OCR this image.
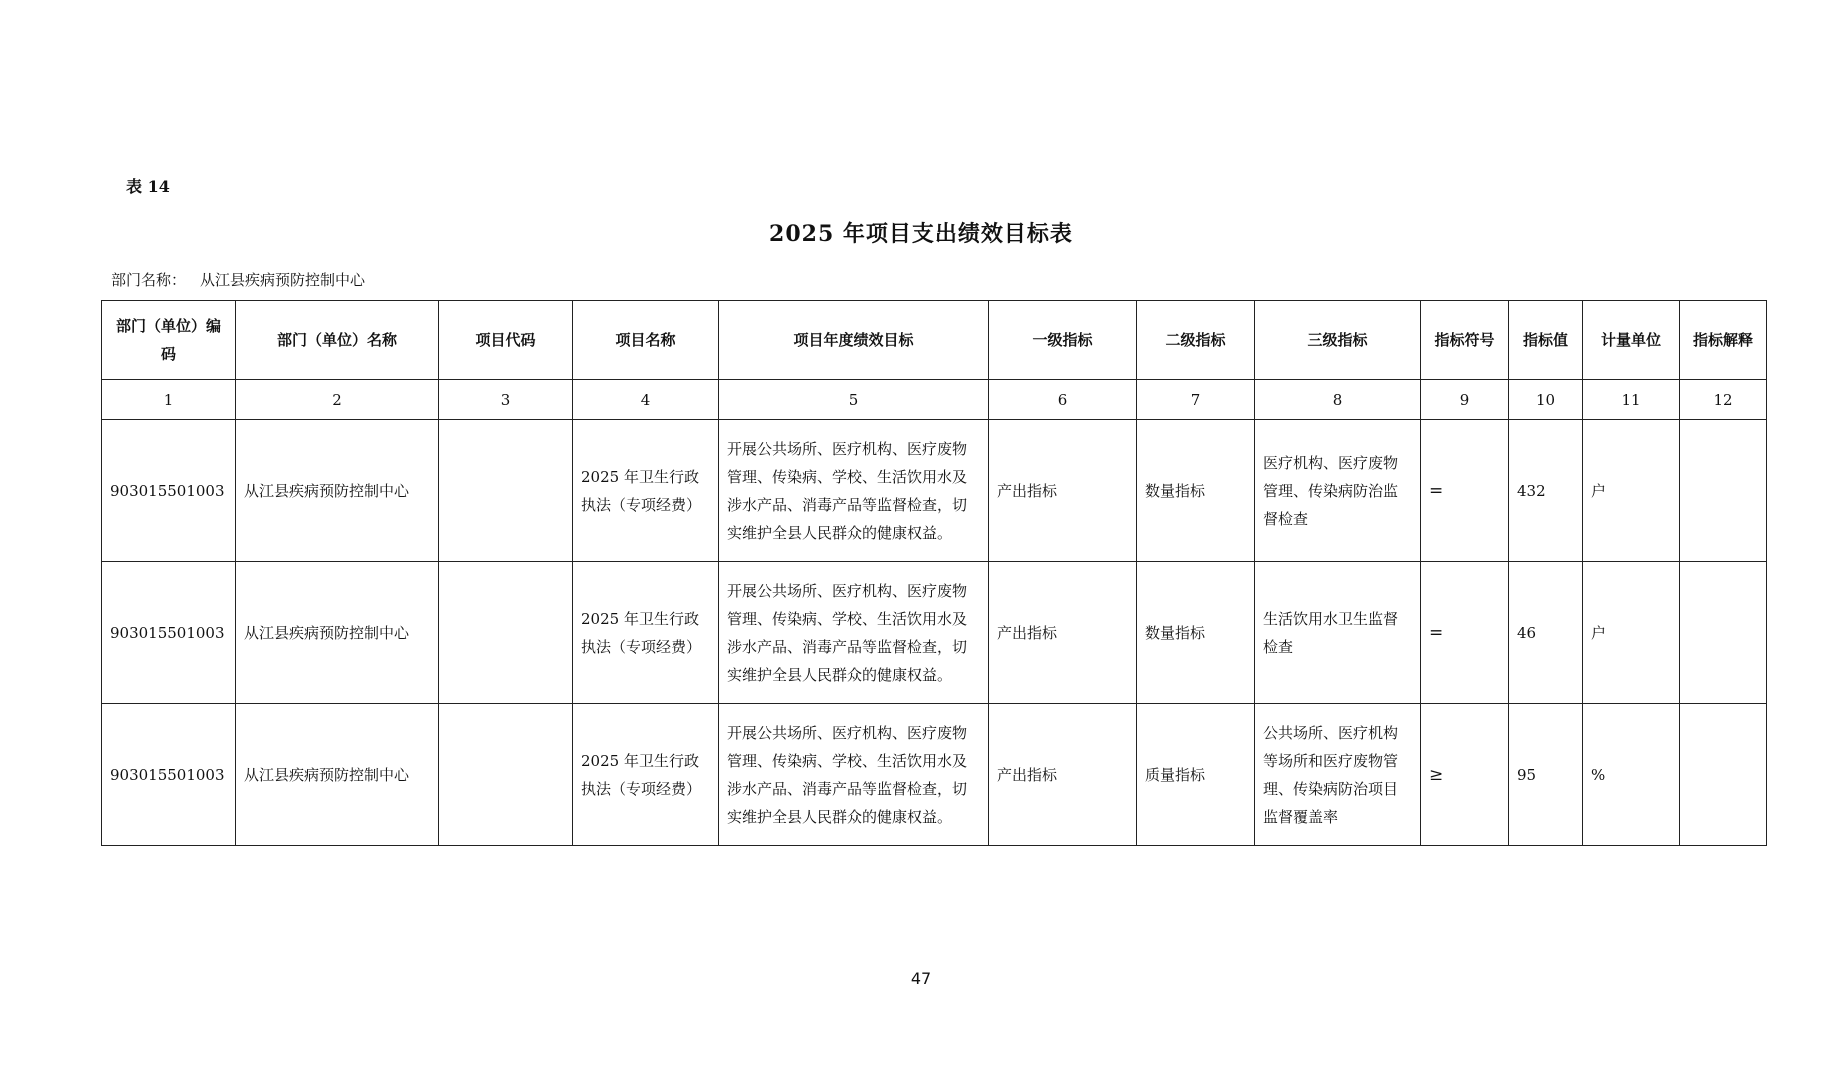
表 14
2025 年项目支出绩效目标表
部门名称： 从江县疾病预防控制中心
部门（单位）编码	部门（单位）名称	项目代码	项目名称	项目年度绩效目标	一级指标	二级指标	三级指标	指标符号	指标值	计量单位	指标解释
1	2	3	4	5	6	7	8	9	10	11	12
903015501003	从江县疾病预防控制中心		2025 年卫生行政执法（专项经费）	开展公共场所、医疗机构、医疗废物管理、传染病、学校、生活饮用水及涉水产品、消毒产品等监督检查，切实维护全县人民群众的健康权益。	产出指标	数量指标	医疗机构、医疗废物管理、传染病防治监督检查	=	432	户	
903015501003	从江县疾病预防控制中心		2025 年卫生行政执法（专项经费）	开展公共场所、医疗机构、医疗废物管理、传染病、学校、生活饮用水及涉水产品、消毒产品等监督检查，切实维护全县人民群众的健康权益。	产出指标	数量指标	生活饮用水卫生监督检查	=	46	户	
903015501003	从江县疾病预防控制中心		2025 年卫生行政执法（专项经费）	开展公共场所、医疗机构、医疗废物管理、传染病、学校、生活饮用水及涉水产品、消毒产品等监督检查，切实维护全县人民群众的健康权益。	产出指标	质量指标	公共场所、医疗机构等场所和医疗废物管理、传染病防治项目监督覆盖率	≥	95	%	
47
